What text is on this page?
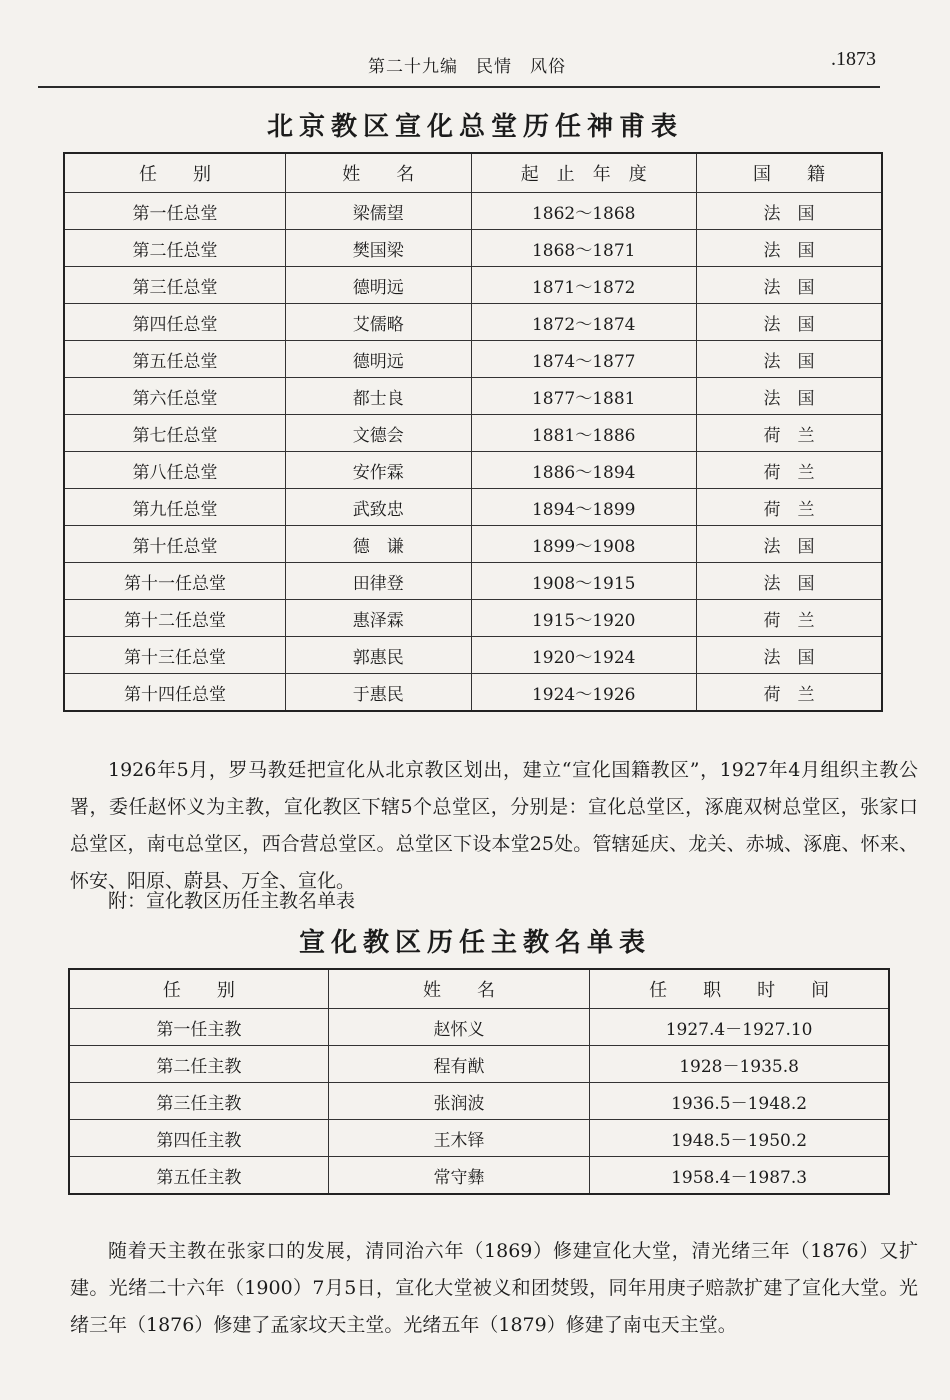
第二十九编　民情　风俗	.1873
北京教区宣化总堂历任神甫表
任　　别	姓　　名	起　止　年　度	国　　籍
第一任总堂	梁儒望	1862～1868	法　国
第二任总堂	樊国梁	1868～1871	法　国
第三任总堂	德明远	1871～1872	法　国
第四任总堂	艾儒略	1872～1874	法　国
第五任总堂	德明远	1874～1877	法　国
第六任总堂	都士良	1877～1881	法　国
第七任总堂	文德会	1881～1886	荷　兰
第八任总堂	安作霖	1886～1894	荷　兰
第九任总堂	武致忠	1894～1899	荷　兰
第十任总堂	德　谦	1899～1908	法　国
第十一任总堂	田律登	1908～1915	法　国
第十二任总堂	惠泽霖	1915～1920	荷　兰
第十三任总堂	郭惠民	1920～1924	法　国
第十四任总堂	于惠民	1924～1926	荷　兰
1926年5月，罗马教廷把宣化从北京教区划出，建立“宣化国籍教区”，1927年4月组织主教公署，委任赵怀义为主教，宣化教区下辖5个总堂区，分别是：宣化总堂区，涿鹿双树总堂区，张家口总堂区，南屯总堂区，西合营总堂区。总堂区下设本堂25处。管辖延庆、龙关、赤城、涿鹿、怀来、怀安、阳原、蔚县、万全、宣化。
附：宣化教区历任主教名单表
宣化教区历任主教名单表
任　　别	姓　　名	任　　职　　时　　间
第一任主教	赵怀义	1927.4－1927.10
第二任主教	程有猷	1928－1935.8
第三任主教	张润波	1936.5－1948.2
第四任主教	王木铎	1948.5－1950.2
第五任主教	常守彝	1958.4－1987.3
随着天主教在张家口的发展，清同治六年（1869）修建宣化大堂，清光绪三年（1876）又扩建。光绪二十六年（1900）7月5日，宣化大堂被义和团焚毁，同年用庚子赔款扩建了宣化大堂。光绪三年（1876）修建了孟家坟天主堂。光绪五年（1879）修建了南屯天主堂。
